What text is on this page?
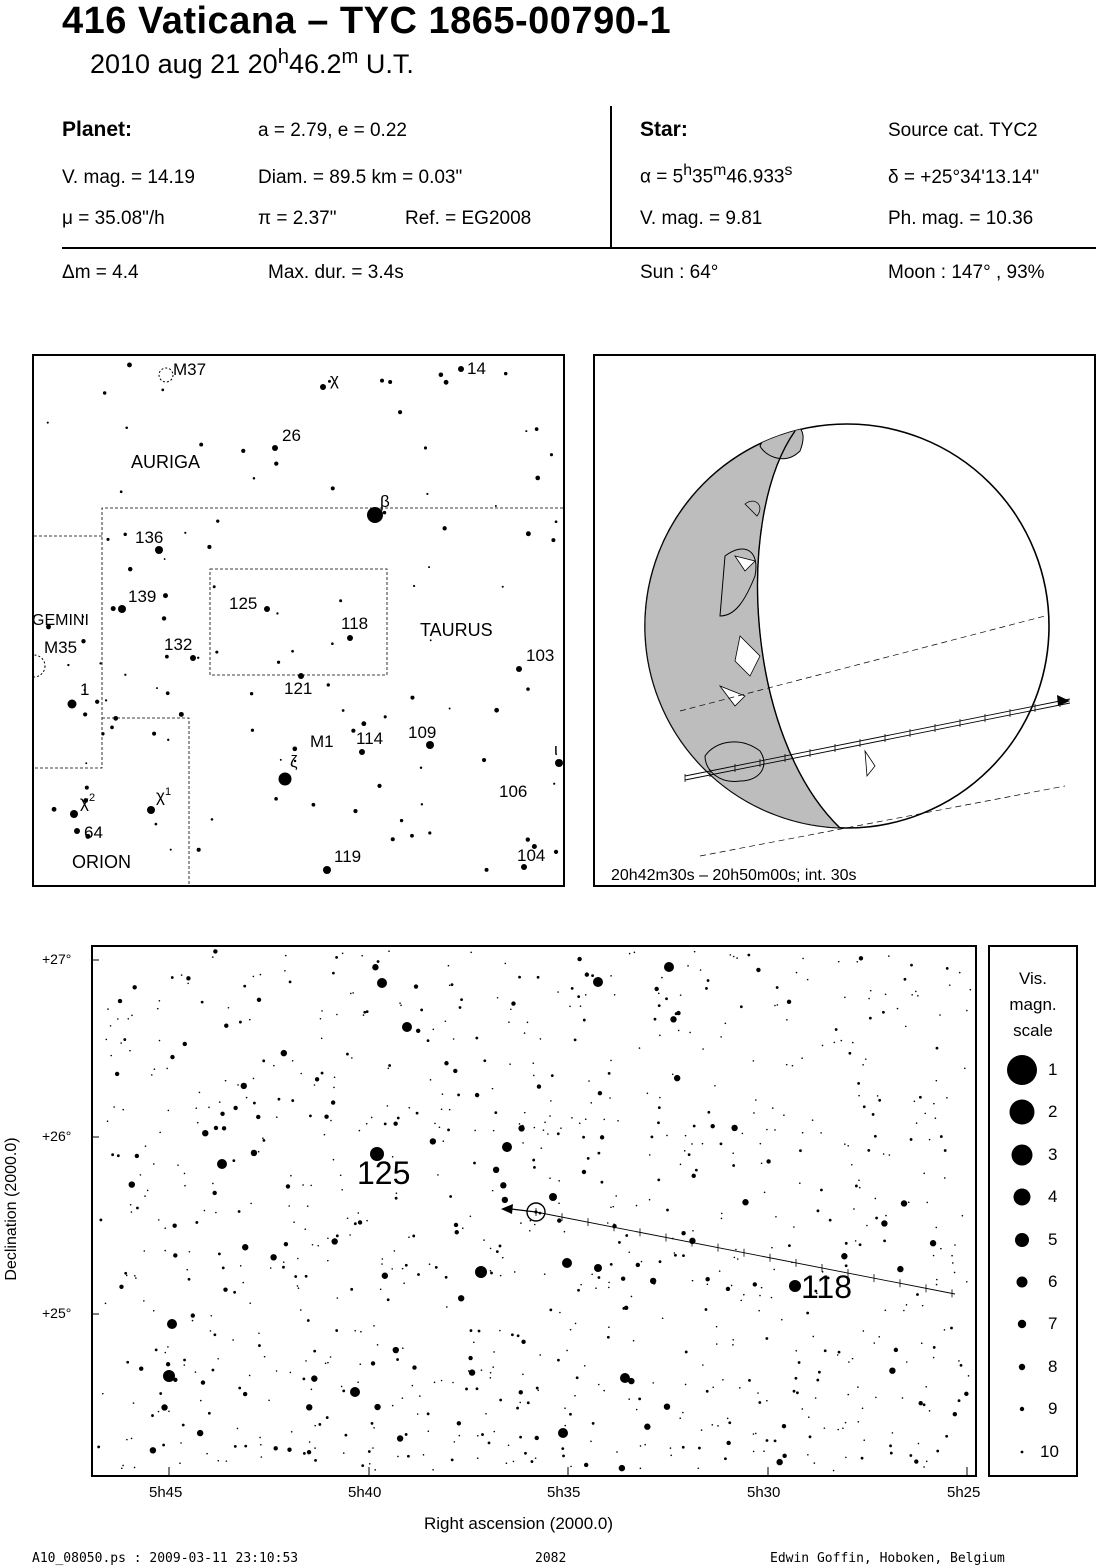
416 Vaticana – TYC 1865-00790-1
2010 aug 21 20$^h$46.2$^m$ U.T.
Planet:	a = 2.79, e = 0.22
V. mag. = 14.19	Diam. = 89.5 km = 0.03"
μ = 35.08"/h	π = 2.37"	Ref. = EG2008
Star:	Source cat. TYC2
$\alpha = 5^h35^m46.933^s$	δ = +25°34'13.14"
V. mag. = 9.81	Ph. mag. = 10.36
Δm = 4.4	Max. dur. = 3.4s	Sun : 64°	Moon : 147° , 93%
AURIGA
TAURUS
GEMINI
ORION
M37
χ
14
26
β
136
139	125
118
M35	132
103
1	121
M1 114 109
ζ
ι
$\chi^2$	$\chi^1$	106
64
119	104
20h42m30s – 20h50m00s; int. 30s
+27°
+26°
+25°
Declination (2000.0)	125
118
5h45	5h40	5h35	5h30	5h25
Right ascension (2000.0)
Vis.
magn.
scale
1
2
3
4
5
6
7
8
9
10
A10_08050.ps : 2009-03-11 23:10:53	2082	Edwin Goffin, Hoboken, Belgium
